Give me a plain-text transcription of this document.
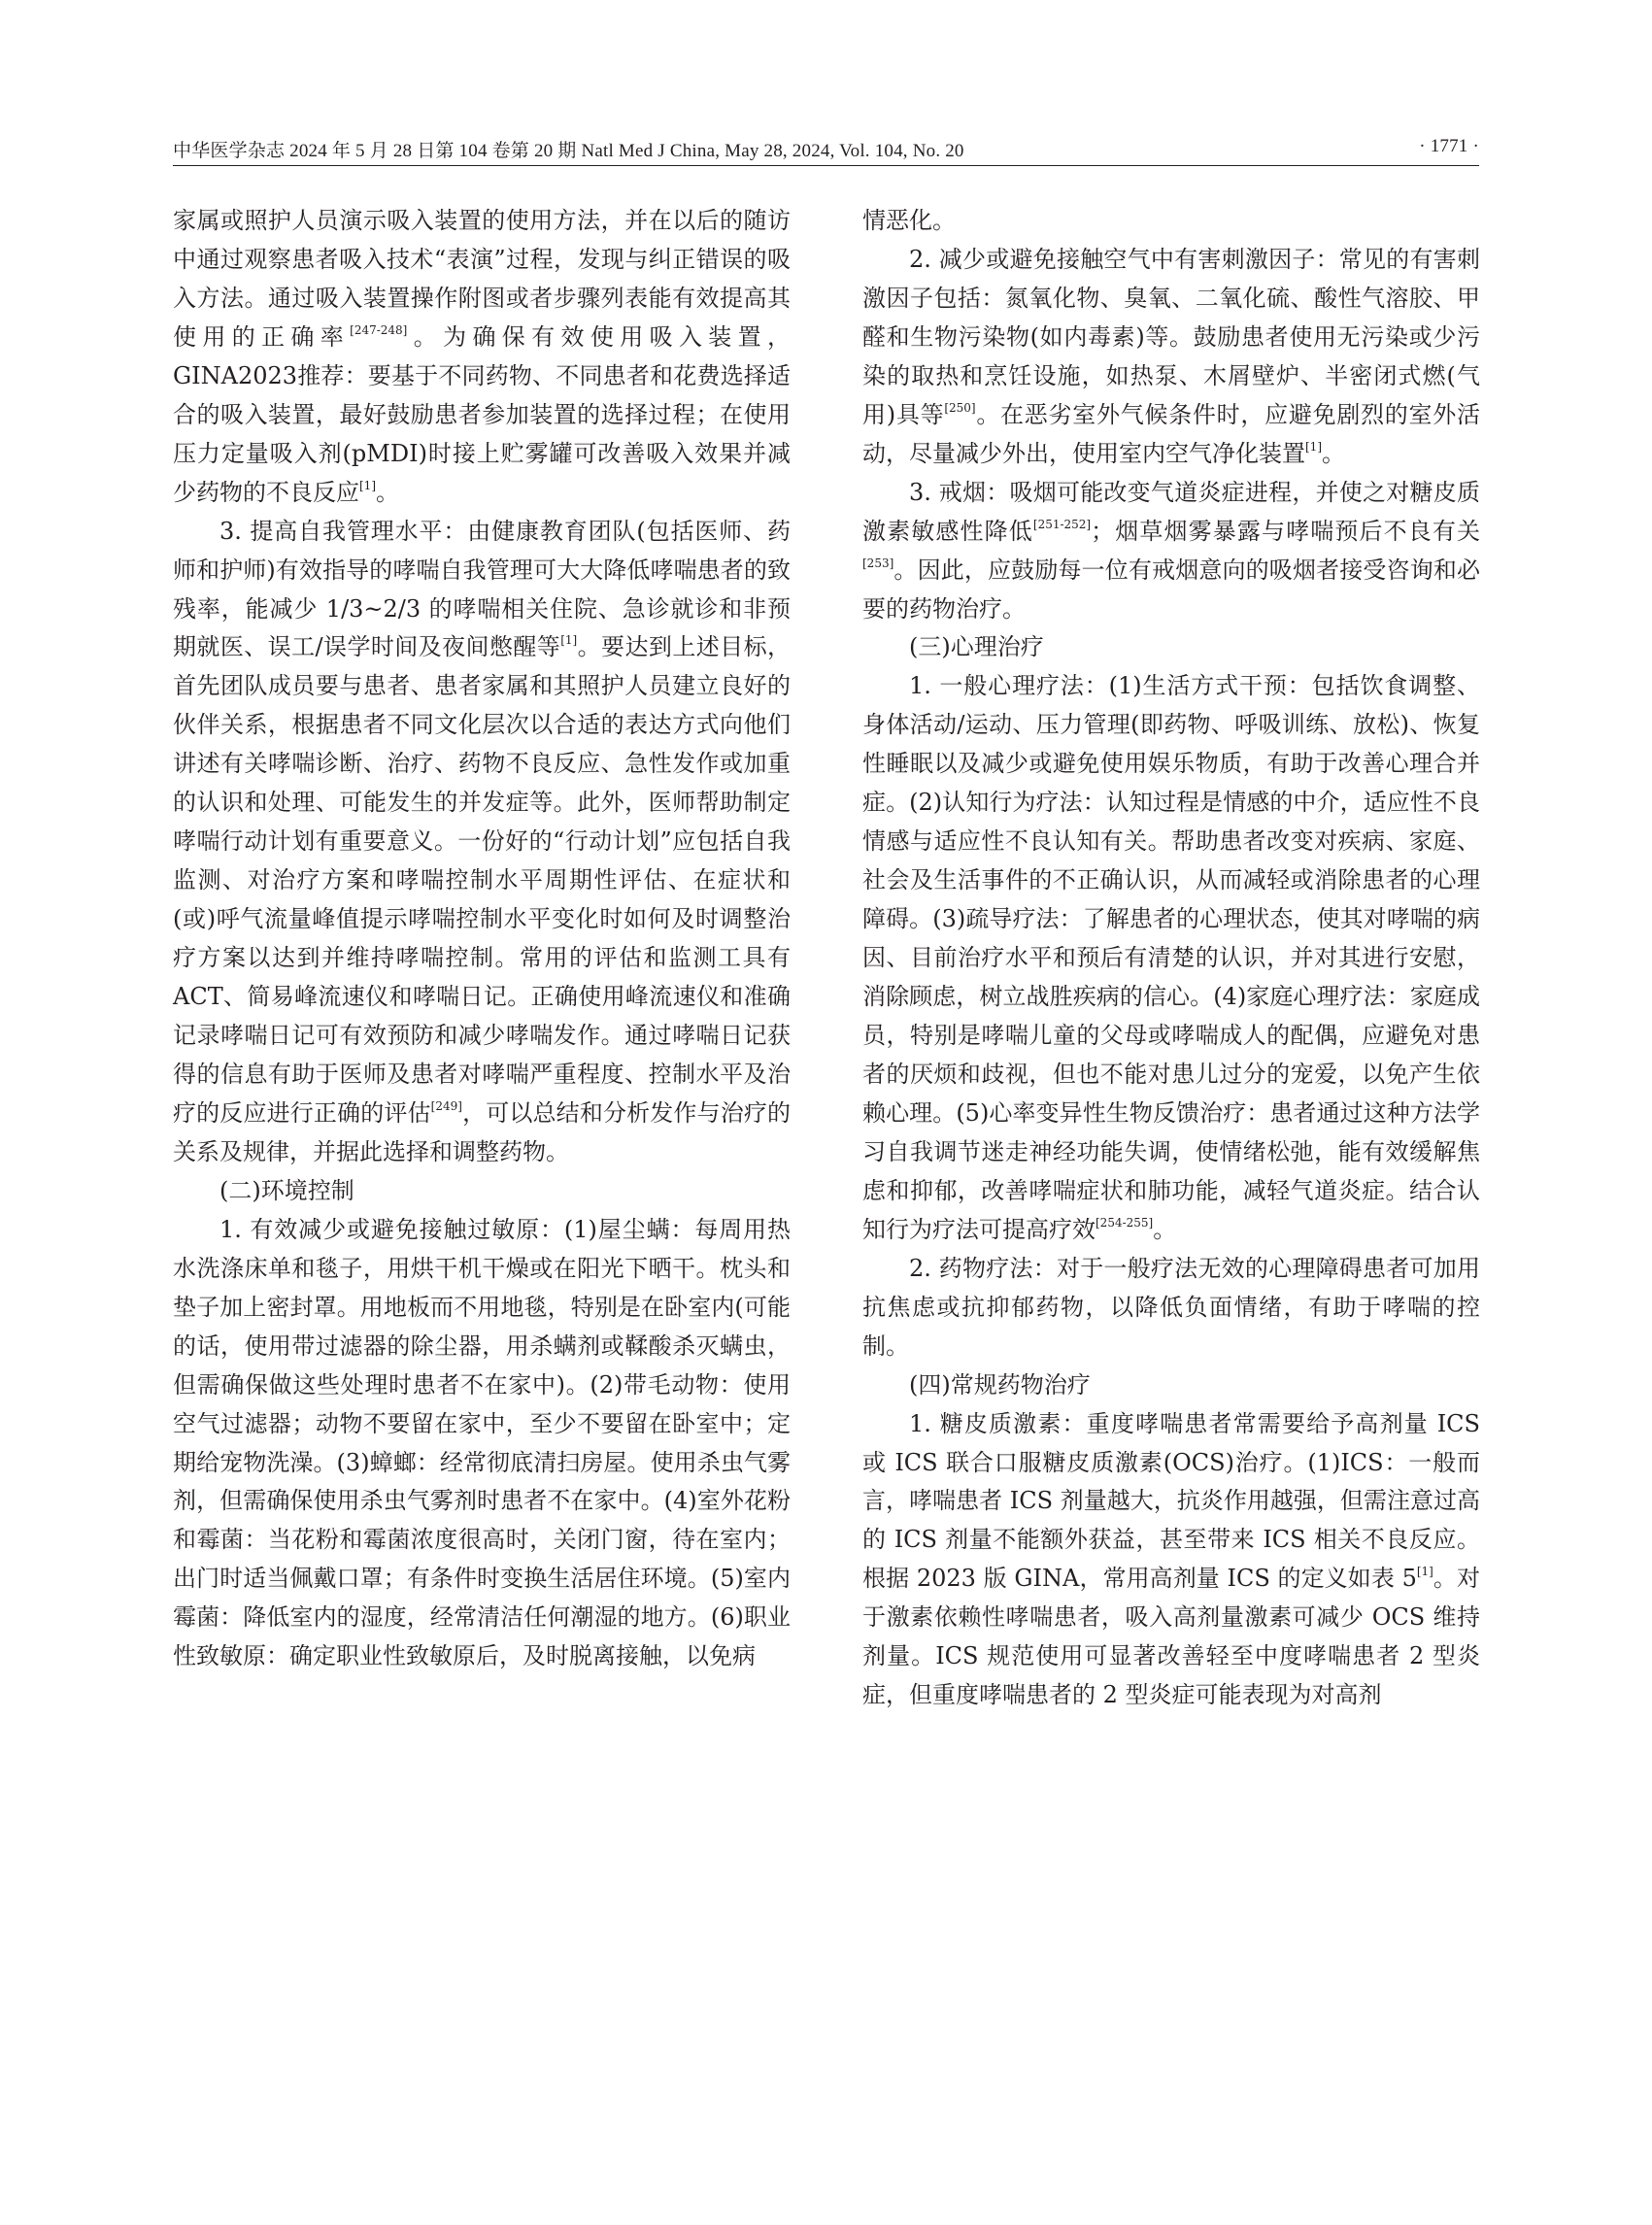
中华医学杂志 2024 年 5 月 28 日第 104 卷第 20 期 Natl Med J China, May 28, 2024, Vol. 104, No. 20	· 1771 ·

家属或照护人员演示吸入装置的使用方法，并在以后的随访中通过观察患者吸入技术“表演”过程，发现与纠正错误的吸入方法。通过吸入装置操作附图或者步骤列表能有效提高其使用的正确率[247-248]。为确保有效使用吸入装置，GINA2023推荐：要基于不同药物、不同患者和花费选择适合的吸入装置，最好鼓励患者参加装置的选择过程；在使用压力定量吸入剂(pMDI)时接上贮雾罐可改善吸入效果并减少药物的不良反应[1]。

3. 提高自我管理水平：由健康教育团队(包括医师、药师和护师)有效指导的哮喘自我管理可大大降低哮喘患者的致残率，能减少 1/3~2/3 的哮喘相关住院、急诊就诊和非预期就医、误工/误学时间及夜间憋醒等[1]。要达到上述目标，首先团队成员要与患者、患者家属和其照护人员建立良好的伙伴关系，根据患者不同文化层次以合适的表达方式向他们讲述有关哮喘诊断、治疗、药物不良反应、急性发作或加重的认识和处理、可能发生的并发症等。此外，医师帮助制定哮喘行动计划有重要意义。一份好的“行动计划”应包括自我监测、对治疗方案和哮喘控制水平周期性评估、在症状和(或)呼气流量峰值提示哮喘控制水平变化时如何及时调整治疗方案以达到并维持哮喘控制。常用的评估和监测工具有 ACT、简易峰流速仪和哮喘日记。正确使用峰流速仪和准确记录哮喘日记可有效预防和减少哮喘发作。通过哮喘日记获得的信息有助于医师及患者对哮喘严重程度、控制水平及治疗的反应进行正确的评估[249]，可以总结和分析发作与治疗的关系及规律，并据此选择和调整药物。

(二)环境控制

1. 有效减少或避免接触过敏原：(1)屋尘螨：每周用热水洗涤床单和毯子，用烘干机干燥或在阳光下晒干。枕头和垫子加上密封罩。用地板而不用地毯，特别是在卧室内(可能的话，使用带过滤器的除尘器，用杀螨剂或鞣酸杀灭螨虫，但需确保做这些处理时患者不在家中)。(2)带毛动物：使用空气过滤器；动物不要留在家中，至少不要留在卧室中；定期给宠物洗澡。(3)蟑螂：经常彻底清扫房屋。使用杀虫气雾剂，但需确保使用杀虫气雾剂时患者不在家中。(4)室外花粉和霉菌：当花粉和霉菌浓度很高时，关闭门窗，待在室内；出门时适当佩戴口罩；有条件时变换生活居住环境。(5)室内霉菌：降低室内的湿度，经常清洁任何潮湿的地方。(6)职业性致敏原：确定职业性致敏原后，及时脱离接触，以免病

情恶化。

2. 减少或避免接触空气中有害刺激因子：常见的有害刺激因子包括：氮氧化物、臭氧、二氧化硫、酸性气溶胶、甲醛和生物污染物(如内毒素)等。鼓励患者使用无污染或少污染的取热和烹饪设施，如热泵、木屑壁炉、半密闭式燃(气用)具等[250]。在恶劣室外气候条件时，应避免剧烈的室外活动，尽量减少外出，使用室内空气净化装置[1]。

3. 戒烟：吸烟可能改变气道炎症进程，并使之对糖皮质激素敏感性降低[251-252]；烟草烟雾暴露与哮喘预后不良有关[253]。因此，应鼓励每一位有戒烟意向的吸烟者接受咨询和必要的药物治疗。

(三)心理治疗

1. 一般心理疗法：(1)生活方式干预：包括饮食调整、身体活动/运动、压力管理(即药物、呼吸训练、放松)、恢复性睡眠以及减少或避免使用娱乐物质，有助于改善心理合并症。(2)认知行为疗法：认知过程是情感的中介，适应性不良情感与适应性不良认知有关。帮助患者改变对疾病、家庭、社会及生活事件的不正确认识，从而减轻或消除患者的心理障碍。(3)疏导疗法：了解患者的心理状态，使其对哮喘的病因、目前治疗水平和预后有清楚的认识，并对其进行安慰，消除顾虑，树立战胜疾病的信心。(4)家庭心理疗法：家庭成员，特别是哮喘儿童的父母或哮喘成人的配偶，应避免对患者的厌烦和歧视，但也不能对患儿过分的宠爱，以免产生依赖心理。(5)心率变异性生物反馈治疗：患者通过这种方法学习自我调节迷走神经功能失调，使情绪松弛，能有效缓解焦虑和抑郁，改善哮喘症状和肺功能，减轻气道炎症。结合认知行为疗法可提高疗效[254-255]。

2. 药物疗法：对于一般疗法无效的心理障碍患者可加用抗焦虑或抗抑郁药物，以降低负面情绪，有助于哮喘的控制。

(四)常规药物治疗

1. 糖皮质激素：重度哮喘患者常需要给予高剂量 ICS 或 ICS 联合口服糖皮质激素(OCS)治疗。(1)ICS：一般而言，哮喘患者 ICS 剂量越大，抗炎作用越强，但需注意过高的 ICS 剂量不能额外获益，甚至带来 ICS 相关不良反应。根据 2023 版 GINA，常用高剂量 ICS 的定义如表 5[1]。对于激素依赖性哮喘患者，吸入高剂量激素可减少 OCS 维持剂量。ICS 规范使用可显著改善轻至中度哮喘患者 2 型炎症，但重度哮喘患者的 2 型炎症可能表现为对高剂
